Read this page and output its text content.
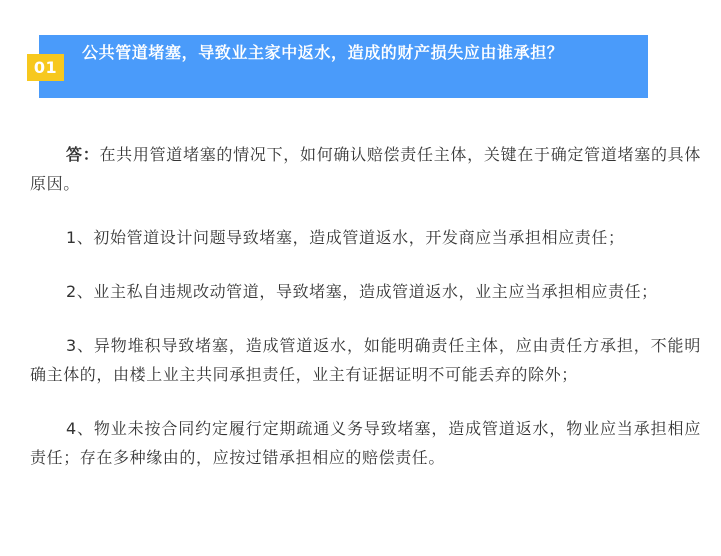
01
公共管道堵塞，导致业主家中返水，造成的财产损失应由谁承担？

答：在共用管道堵塞的情况下，如何确认赔偿责任主体，关键在于确定管道堵塞的具体原因。

1、初始管道设计问题导致堵塞，造成管道返水，开发商应当承担相应责任；

2、业主私自违规改动管道，导致堵塞，造成管道返水，业主应当承担相应责任；

3、异物堆积导致堵塞，造成管道返水，如能明确责任主体，应由责任方承担，不能明确主体的，由楼上业主共同承担责任，业主有证据证明不可能丢弃的除外；

4、物业未按合同约定履行定期疏通义务导致堵塞，造成管道返水，物业应当承担相应责任；存在多种缘由的，应按过错承担相应的赔偿责任。
